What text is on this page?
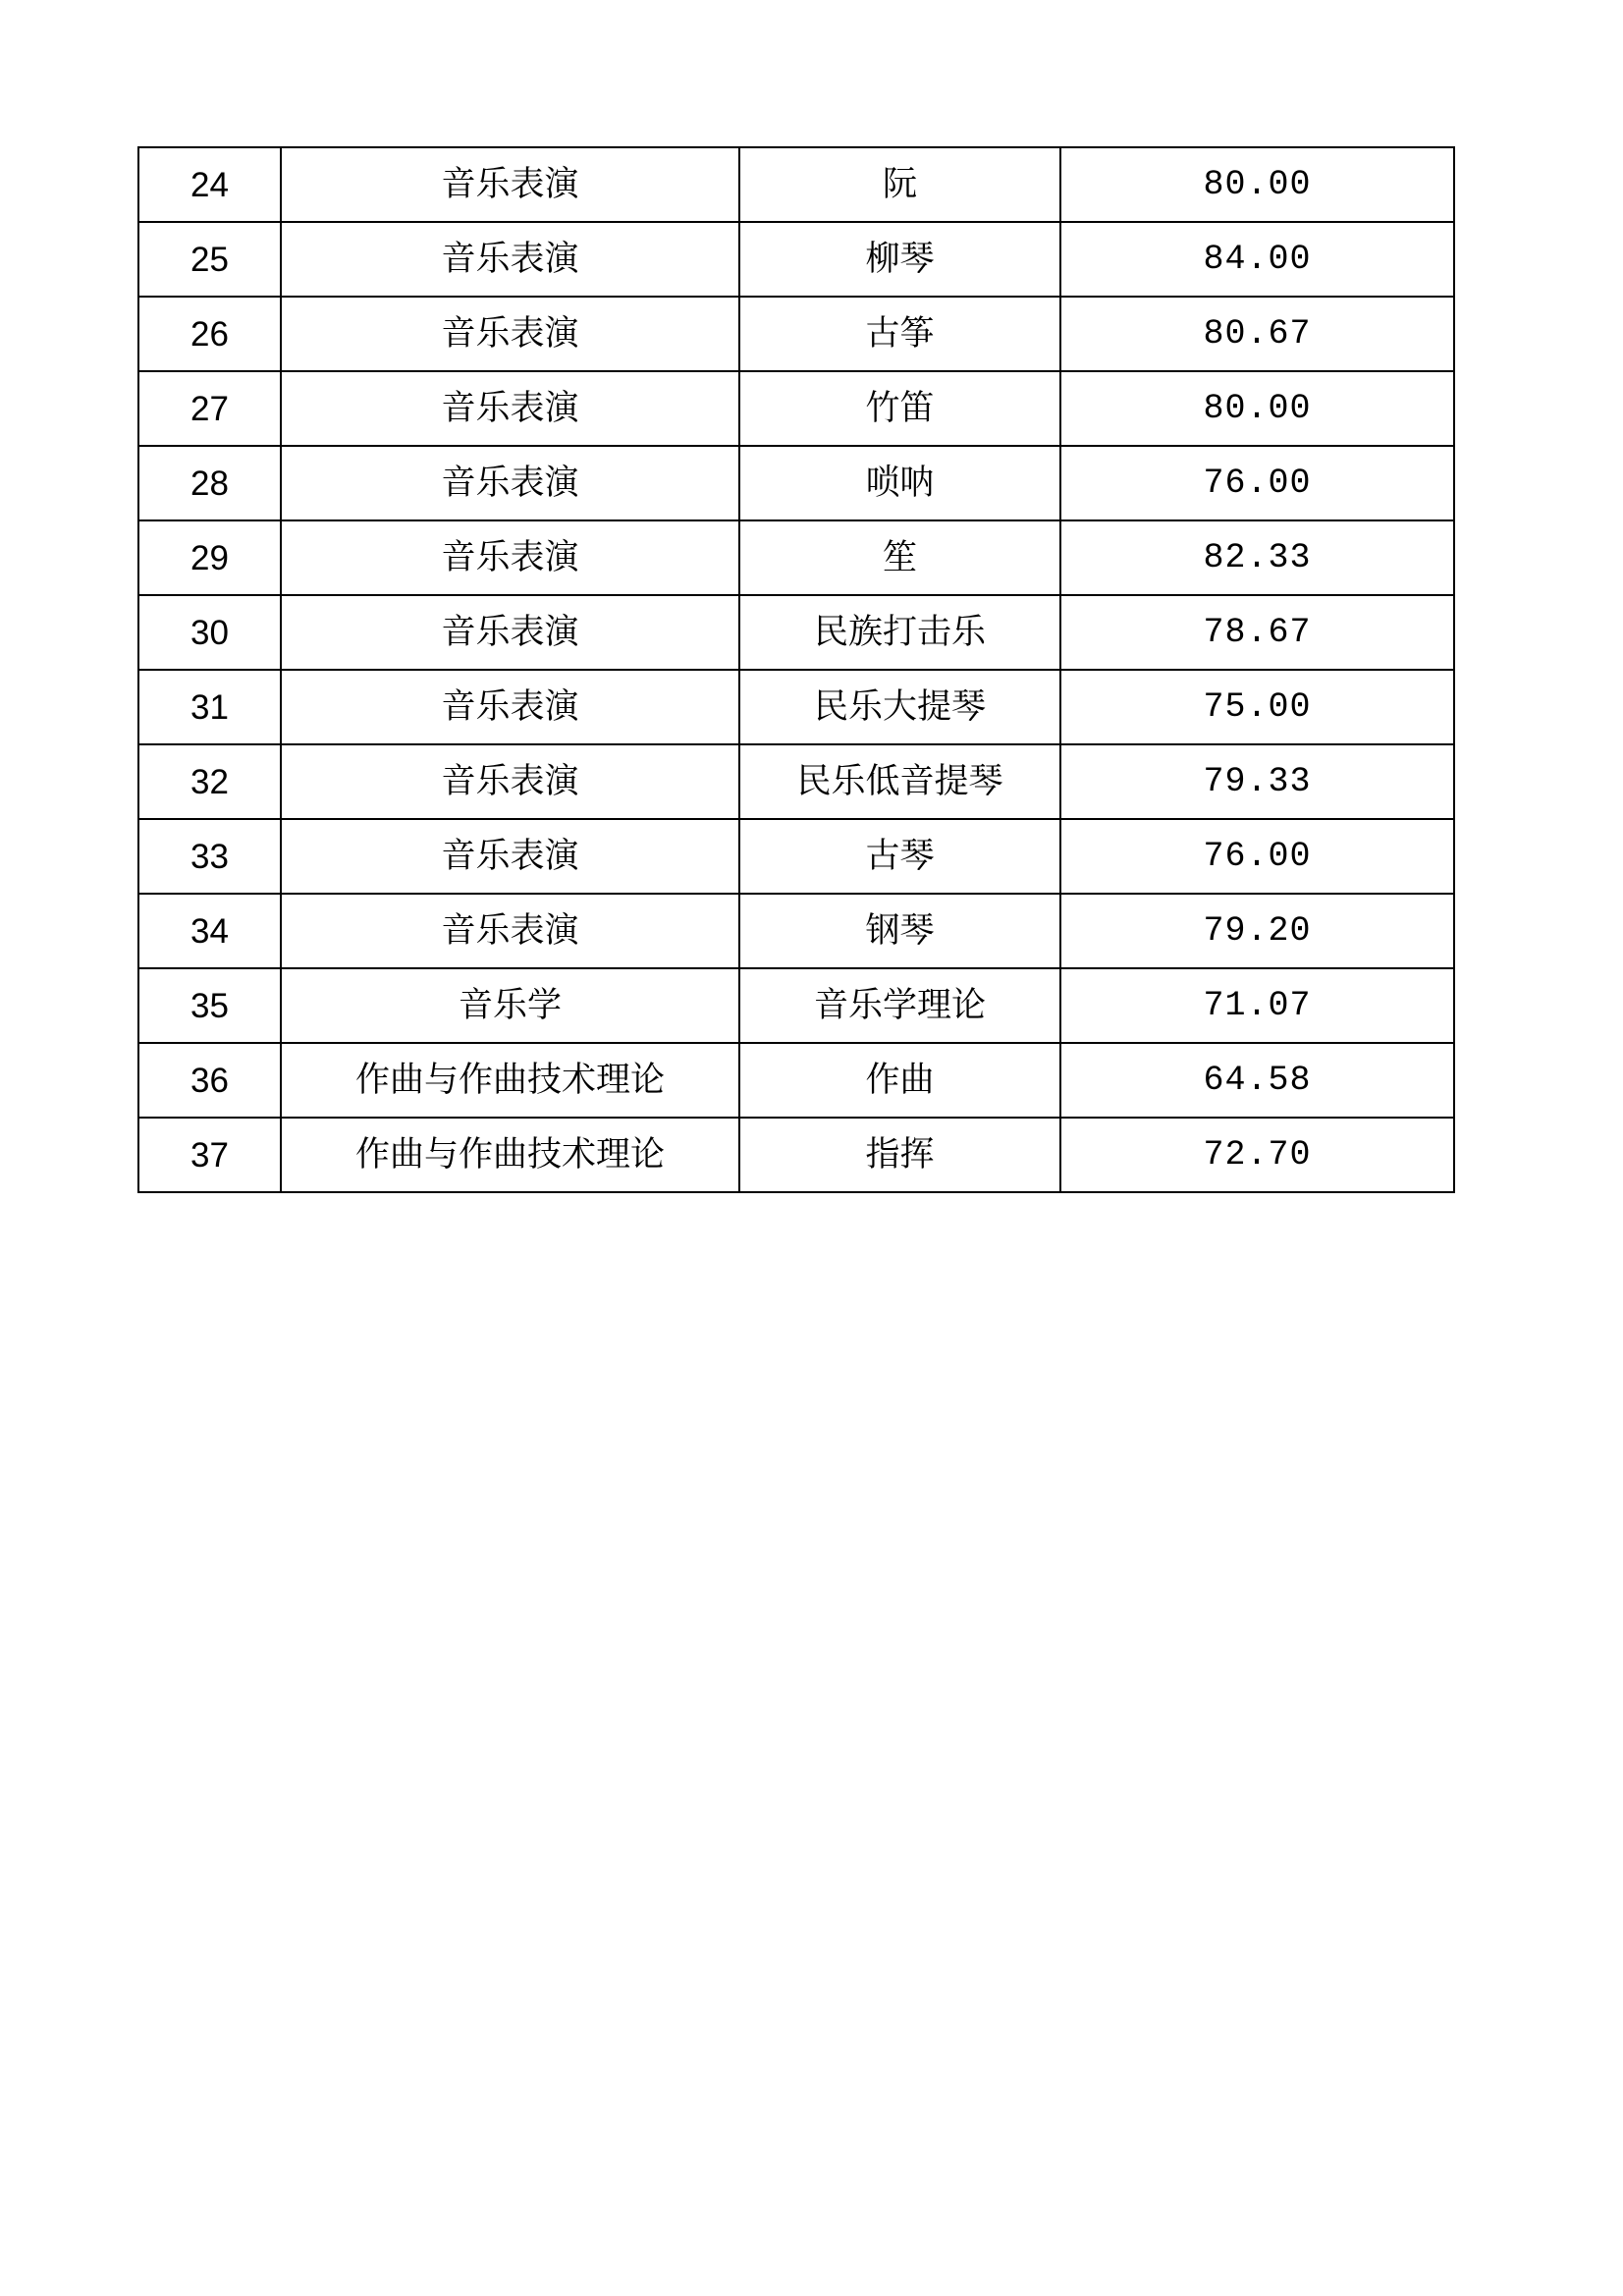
24	音乐表演	阮	80.00
25	音乐表演	柳琴	84.00
26	音乐表演	古筝	80.67
27	音乐表演	竹笛	80.00
28	音乐表演	唢呐	76.00
29	音乐表演	笙	82.33
30	音乐表演	民族打击乐	78.67
31	音乐表演	民乐大提琴	75.00
32	音乐表演	民乐低音提琴	79.33
33	音乐表演	古琴	76.00
34	音乐表演	钢琴	79.20
35	音乐学	音乐学理论	71.07
36	作曲与作曲技术理论	作曲	64.58
37	作曲与作曲技术理论	指挥	72.70
